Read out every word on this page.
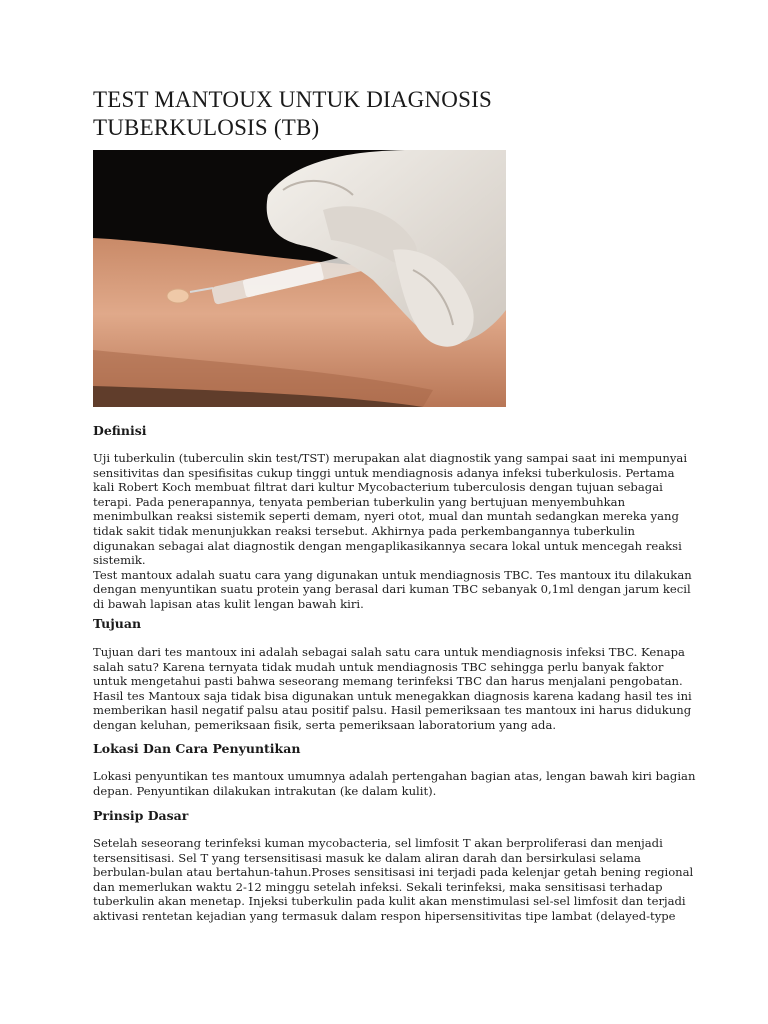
TEST MANTOUX UNTUK DIAGNOSIS
TUBERKULOSIS (TB)
Definisi

Uji tuberkulin (tuberculin skin test/TST) merupakan alat diagnostik yang sampai saat ini mempunyai
sensitivitas dan spesifisitas cukup tinggi untuk mendiagnosis adanya infeksi tuberkulosis. Pertama
kali Robert Koch membuat filtrat dari kultur Mycobacterium tuberculosis dengan tujuan sebagai
terapi. Pada penerapannya, tenyata pemberian tuberkulin yang bertujuan menyembuhkan
menimbulkan reaksi sistemik seperti demam, nyeri otot, mual dan muntah sedangkan mereka yang
tidak sakit tidak menunjukkan reaksi tersebut. Akhirnya pada perkembangannya tuberkulin
digunakan sebagai alat diagnostik dengan mengaplikasikannya secara lokal untuk mencegah reaksi
sistemik.
Test mantoux adalah suatu cara yang digunakan untuk mendiagnosis TBC. Tes mantoux itu dilakukan
dengan menyuntikan suatu protein yang berasal dari kuman TBC sebanyak 0,1ml dengan jarum kecil
di bawah lapisan atas kulit lengan bawah kiri.

Tujuan

Tujuan dari tes mantoux ini adalah sebagai salah satu cara untuk mendiagnosis infeksi TBC. Kenapa
salah satu? Karena ternyata tidak mudah untuk mendiagnosis TBC sehingga perlu banyak faktor
untuk mengetahui pasti bahwa seseorang memang terinfeksi TBC dan harus menjalani pengobatan.
Hasil tes Mantoux saja tidak bisa digunakan untuk menegakkan diagnosis karena kadang hasil tes ini
memberikan hasil negatif palsu atau positif palsu. Hasil pemeriksaan tes mantoux ini harus didukung
dengan keluhan, pemeriksaan fisik, serta pemeriksaan laboratorium yang ada.

Lokasi Dan Cara Penyuntikan

Lokasi penyuntikan tes mantoux umumnya adalah pertengahan bagian atas, lengan bawah kiri bagian
depan. Penyuntikan dilakukan intrakutan (ke dalam kulit).

Prinsip Dasar

Setelah seseorang terinfeksi kuman mycobacteria, sel limfosit T akan berproliferasi dan menjadi
tersensitisasi. Sel T yang tersensitisasi masuk ke dalam aliran darah dan bersirkulasi selama
berbulan-bulan atau bertahun-tahun.Proses sensitisasi ini terjadi pada kelenjar getah bening regional
dan memerlukan waktu 2-12 minggu setelah infeksi. Sekali terinfeksi, maka sensitisasi terhadap
tuberkulin akan menetap. Injeksi tuberkulin pada kulit akan menstimulasi sel-sel limfosit dan terjadi
aktivasi rentetan kejadian yang termasuk dalam respon hipersensitivitas tipe lambat (delayed-type
